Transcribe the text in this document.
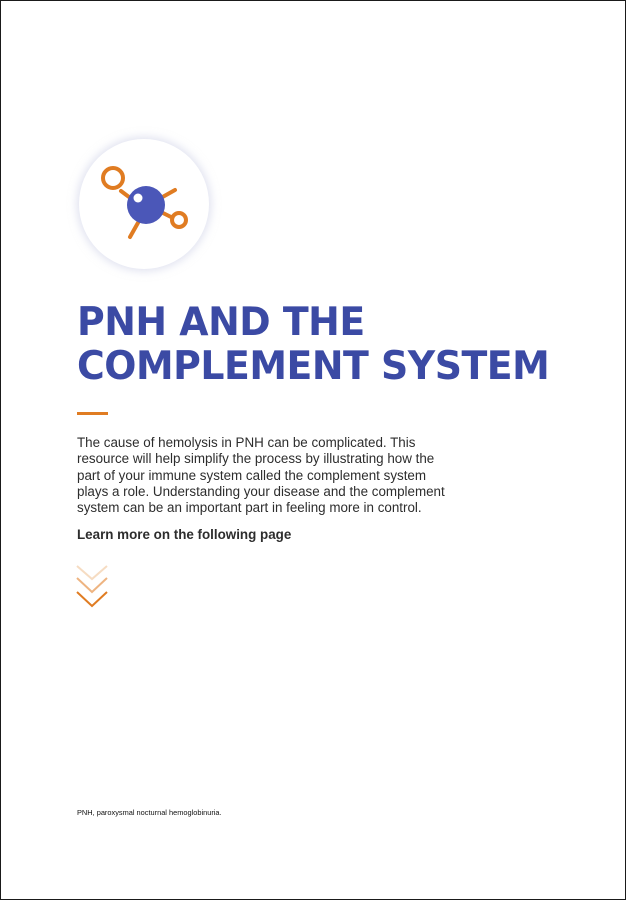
PNH AND THE
COMPLEMENT SYSTEM

The cause of hemolysis in PNH can be complicated. This
resource will help simplify the process by illustrating how the
part of your immune system called the complement system
plays a role. Understanding your disease and the complement
system can be an important part in feeling more in control.

Learn more on the following page

PNH, paroxysmal nocturnal hemoglobinuria.
